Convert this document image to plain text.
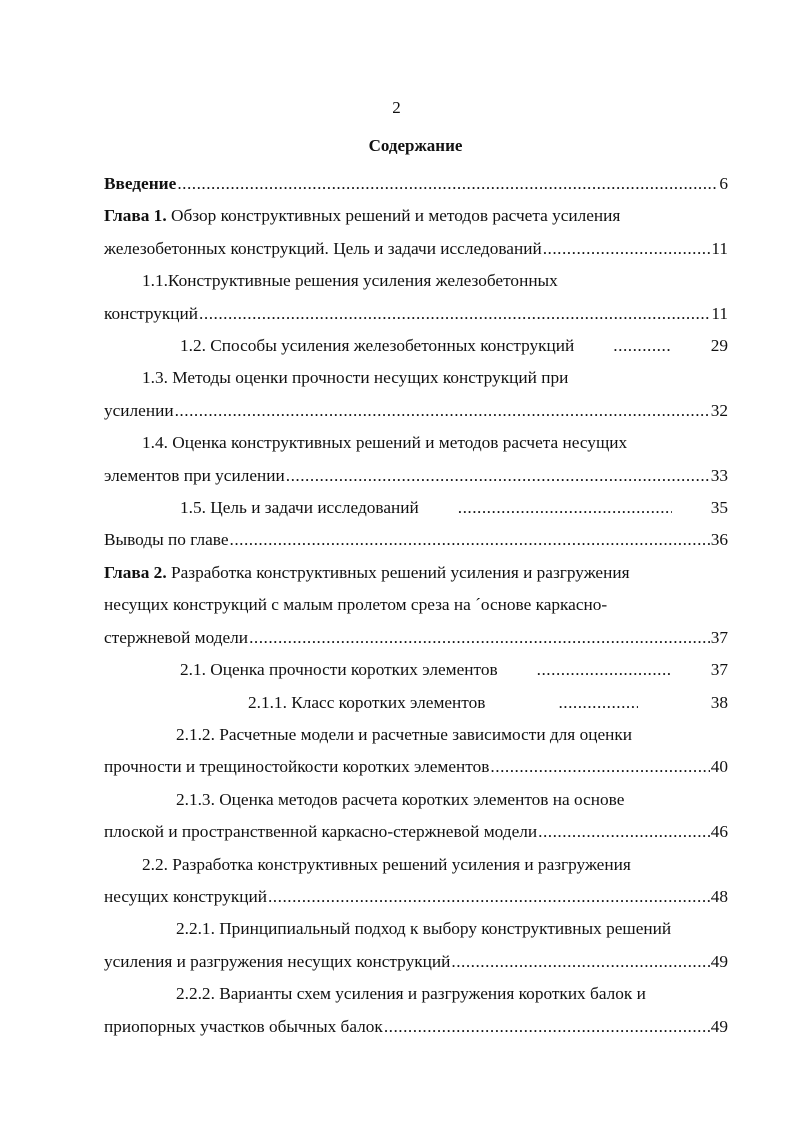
2
Содержание
Введение .....	6
Глава 1. Обзор конструктивных решений и методов расчета усиления
железобетонных конструкций. Цель и задачи исследований .....	11
1.1.Конструктивные решения усиления железобетонных
конструкций .....	11
1.2. Способы усиления железобетонных конструкций .....	29
1.3. Методы оценки прочности несущих конструкций при
усилении .....	32
1.4. Оценка конструктивных решений и методов расчета несущих
элементов при усилении .....	33
1.5. Цель и задачи исследований .....	35
Выводы по главе .....	36
Глава 2. Разработка конструктивных решений усиления и разгружения
несущих конструкций с малым пролетом среза на ´основе каркасно-
стержневой модели .....	37
2.1. Оценка прочности коротких элементов .....	37
2.1.1. Класс коротких элементов .....	38
2.1.2. Расчетные модели и расчетные зависимости для оценки
прочности и трещиностойкости коротких элементов .....	40
2.1.3. Оценка методов расчета коротких элементов на основе
плоской и пространственной каркасно-стержневой модели .....	46
2.2. Разработка конструктивных решений усиления и разгружения
несущих конструкций .....	48
2.2.1. Принципиальный подход к выбору конструктивных решений
усиления и разгружения несущих конструкций .....	49
2.2.2. Варианты схем усиления и разгружения коротких балок и
приопорных участков обычных балок .....	49
